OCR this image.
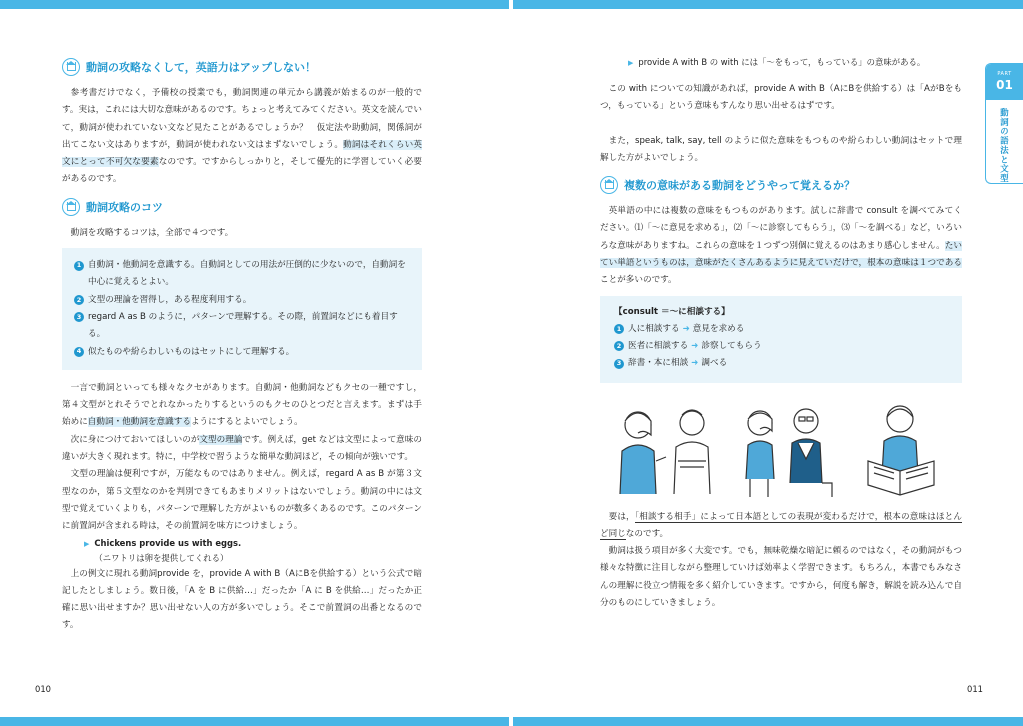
動詞の攻略なくして，英語力はアップしない！

参考書だけでなく，予備校の授業でも，動詞関連の単元から講義が始まるのが一般的です。実は，これには大切な意味があるのです。ちょっと考えてみてください。英文を読んでいて，動詞が使われていない文など見たことがあるでしょうか？　仮定法や助動詞，関係詞が出てこない文はありますが，動詞が使われない文はまずないでしょう。動詞はそれくらい英文にとって不可欠な要素なのです。ですからしっかりと，そして優先的に学習していく必要があるのです。

動詞攻略のコツ

動詞を攻略するコツは，全部で４つです。

1 自動詞・他動詞を意識する。自動詞としての用法が圧倒的に少ないので，自動詞を中心に覚えるとよい。
2 文型の理論を習得し，ある程度利用する。
3 regard A as B のように，パターンで理解する。その際，前置詞などにも着目する。
4 似たものや紛らわしいものはセットにして理解する。

一言で動詞といっても様々なクセがあります。自動詞・他動詞などもクセの一種ですし，第４文型がとれそうでとれなかったりするというのもクセのひとつだと言えます。まずは手始めに自動詞・他動詞を意識するようにするとよいでしょう。

次に身につけておいてほしいのが文型の理論です。例えば，get などは文型によって意味の違いが大きく現れます。特に，中学校で習うような簡単な動詞ほど，その傾向が強いです。

文型の理論は便利ですが，万能なものではありません。例えば，regard A as B が第３文型なのか，第５文型なのかを判別できてもあまりメリットはないでしょう。動詞の中には文型で覚えていくよりも，パターンで理解した方がよいものが数多くあるのです。このパターンに前置詞が含まれる時は，その前置詞を味方につけましょう。

▶ Chickens provide us with eggs.
（ニワトリは卵を提供してくれる）

上の例文に現れる動詞provide を，provide A with B（AにBを供給する）という公式で暗記したとしましょう。数日後，「A を B に供給…」だったか「A に B を供給…」だったか正確に思い出せますか？思い出せない人の方が多いでしょう。そこで前置詞の出番となるのです。

▶ provide A with B の with には「～をもって，もっている」の意味がある。

この with についての知識があれば，provide A with B（AにBを供給する）は「AがBをもつ，もっている」という意味もすんなり思い出せるはずです。

また，speak, talk, say, tell のように似た意味をもつものや紛らわしい動詞はセットで理解した方がよいでしょう。

複数の意味がある動詞をどうやって覚えるか？

英単語の中には複数の意味をもつものがあります。試しに辞書で consult を調べてみてください。⑴「～に意見を求める」，⑵「～に診察してもらう」，⑶「～を調べる」など，いろいろな意味がありますね。これらの意味を１つずつ別個に覚えるのはあまり感心しません。たいてい単語というものは，意味がたくさんあるように見えていだけで，根本の意味は１つであることが多いのです。

【consult ＝～に相談する】
1 人に相談する ➜ 意見を求める
2 医者に相談する ➜ 診察してもらう
3 辞書・本に相談 ➜ 調べる

要は，「相談する相手」によって日本語としての表現が変わるだけで，根本の意味はほとんど同じなのです。

動詞は扱う項目が多く大変です。でも，無味乾燥な暗記に頼るのではなく，その動詞がもつ様々な特徴に注目しながら整理していけば効率よく学習できます。もちろん，本書でもみなさんの理解に役立つ情報を多く紹介していきます。ですから，何度も解き，解説を読み込んで自分のものにしていきましょう。

PART
01
動詞の語法と文型
010	011
